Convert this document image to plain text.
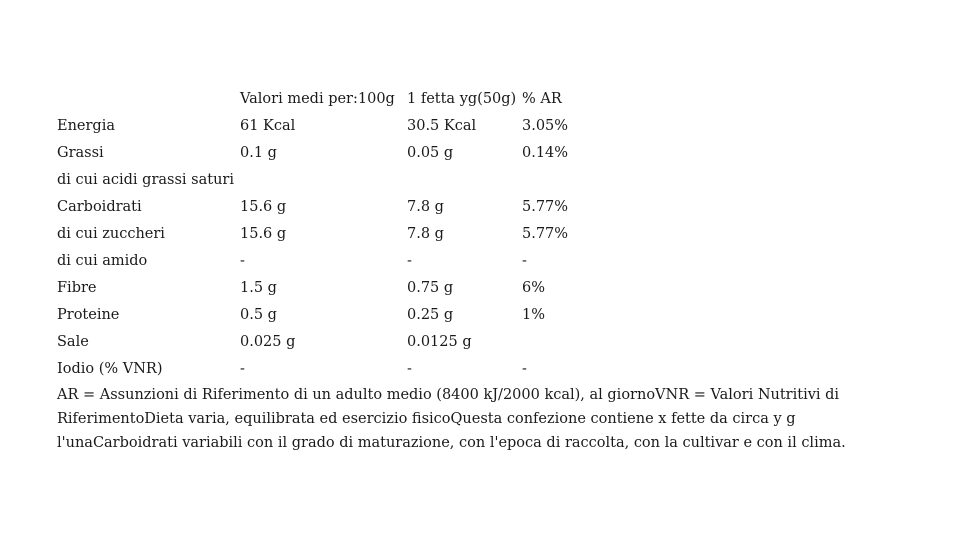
	Valori medi per:100g	1 fetta yg(50g)	% AR
Energia	61 Kcal	30.5 Kcal	3.05%
Grassi	0.1 g	0.05 g	0.14%
di cui acidi grassi saturi			
Carboidrati	15.6 g	7.8 g	5.77%
di cui zuccheri	15.6 g	7.8 g	5.77%
di cui amido	-	-	-
Fibre	1.5 g	0.75 g	6%
Proteine	0.5 g	0.25 g	1%
Sale	0.025 g	0.0125 g	
Iodio (% VNR)	-	-	-
AR = Assunzioni di Riferimento di un adulto medio (8400 kJ/2000 kcal), al giornoVNR = Valori Nutritivi di RiferimentoDieta varia, equilibrata ed esercizio fisicoQuesta confezione contiene x fette da circa y g l'unaCarboidrati variabili con il grado di maturazione, con l'epoca di raccolta, con la cultivar e con il clima.
